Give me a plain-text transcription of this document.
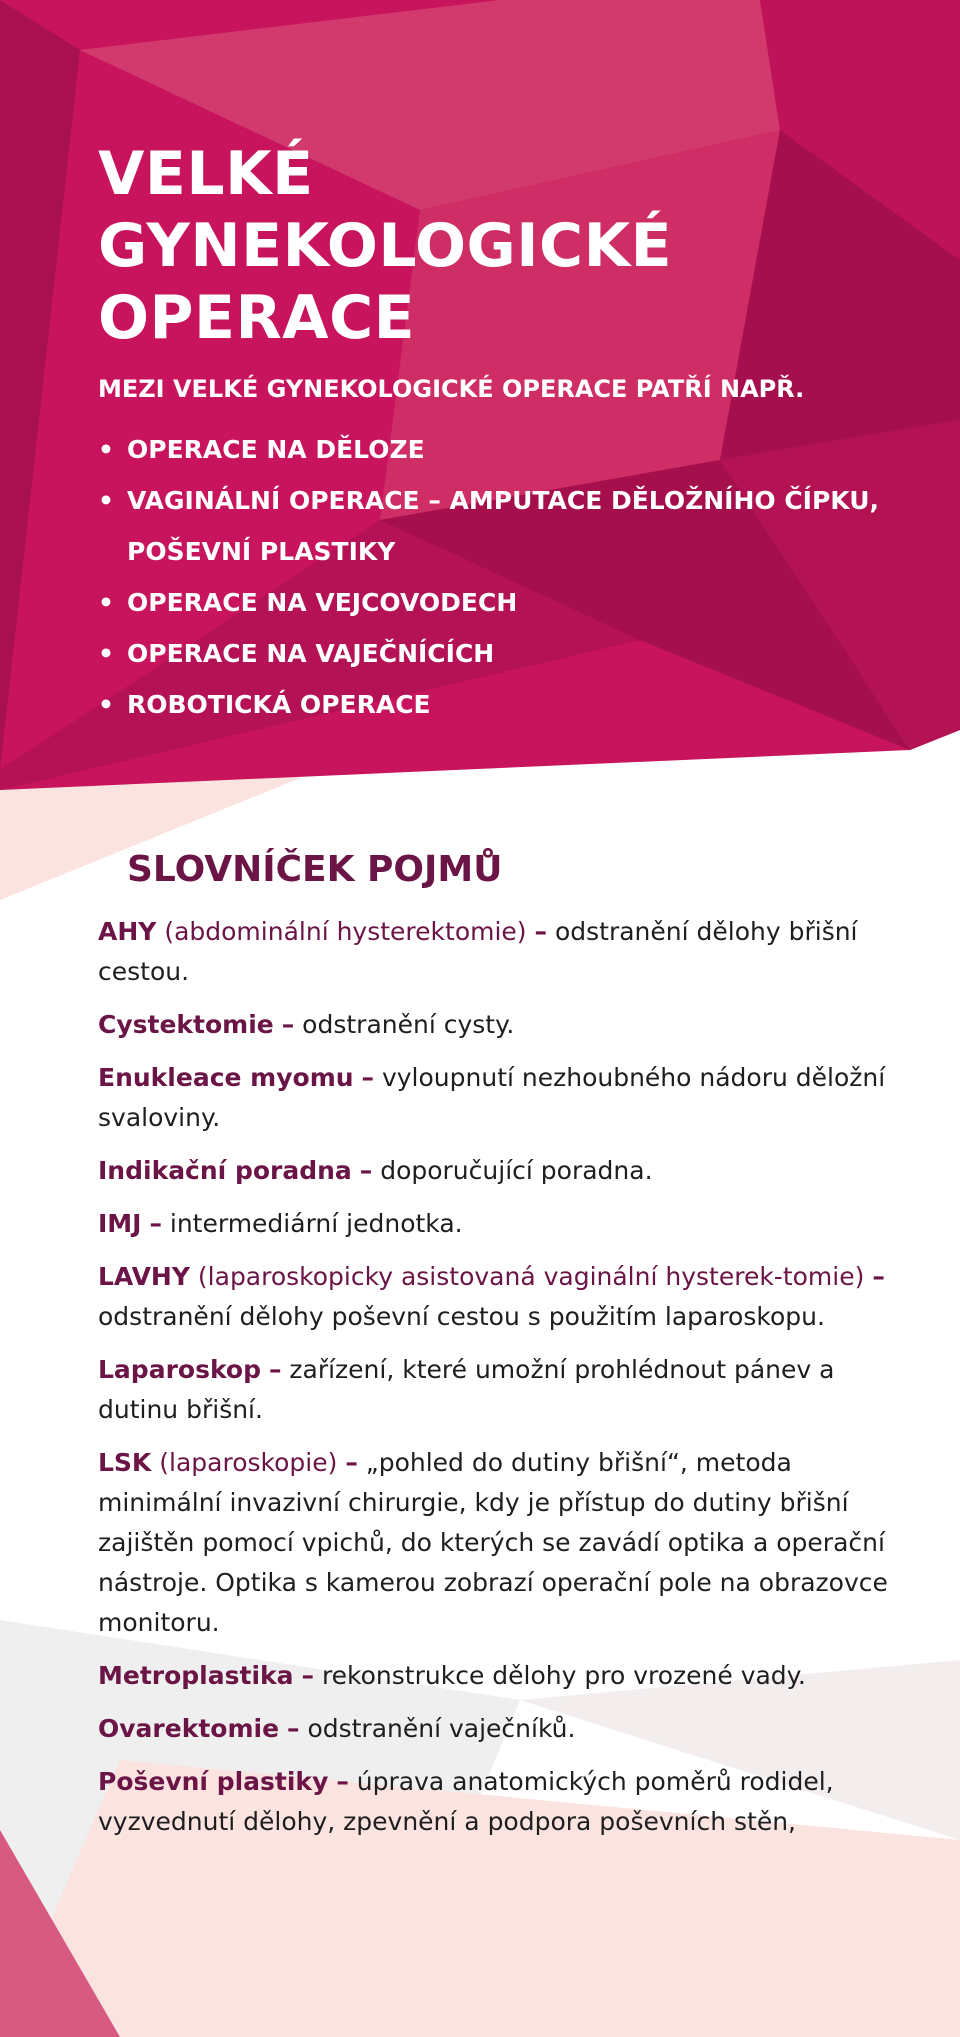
VELKÉ
GYNEKOLOGICKÉ
OPERACE

MEZI VELKÉ GYNEKOLOGICKÉ OPERACE PATŘÍ NAPŘ.

• OPERACE NA DĚLOZE
• VAGINÁLNÍ OPERACE – AMPUTACE DĚLOŽNÍHO ČÍPKU, POŠEVNÍ PLASTIKY
• OPERACE NA VEJCOVODECH
• OPERACE NA VAJEČNÍCÍCH
• ROBOTICKÁ OPERACE
SLOVNÍČEK POJMŮ

AHY (abdominální hysterektomie) – odstranění dělohy břišní cestou.

Cystektomie – odstranění cysty.

Enukleace myomu – vyloupnutí nezhoubného nádoru děložní svaloviny.

Indikační poradna – doporučující poradna.

IMJ – intermediární jednotka.

LAVHY (laparoskopicky asistovaná vaginální hysterek-tomie) – odstranění dělohy poševní cestou s použitím laparoskopu.

Laparoskop – zařízení, které umožní prohlédnout pánev a dutinu břišní.

LSK (laparoskopie) – „pohled do dutiny břišní“, metoda minimální invazivní chirurgie, kdy je přístup do dutiny břišní zajištěn pomocí vpichů, do kterých se zavádí optika a operační nástroje. Optika s kamerou zobrazí operační pole na obrazovce monitoru.

Metroplastika – rekonstrukce dělohy pro vrozené vady.

Ovarektomie – odstranění vaječníků.

Poševní plastiky – úprava anatomických poměrů rodidel, vyzvednutí dělohy, zpevnění a podpora poševních stěn,
